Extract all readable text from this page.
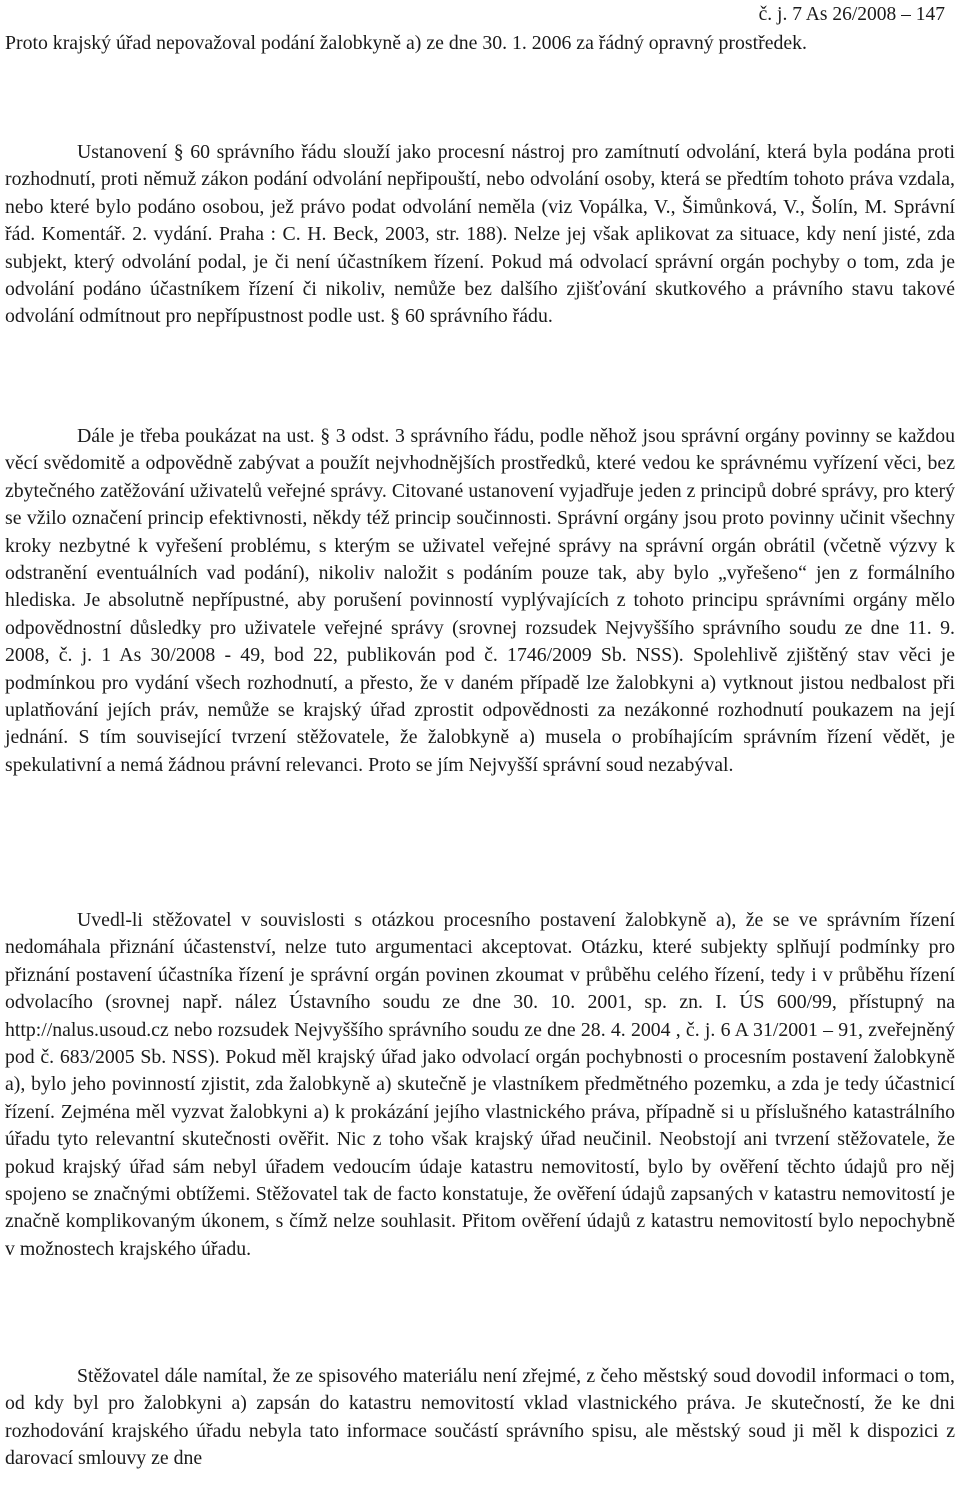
č. j. 7 As 26/2008 – 147

Proto krajský úřad nepovažoval podání žalobkyně a) ze dne 30. 1. 2006 za řádný opravný prostředek.

Ustanovení § 60 správního řádu slouží jako procesní nástroj pro zamítnutí odvolání, která byla podána proti rozhodnutí, proti němuž zákon podání odvolání nepřipouští, nebo odvolání osoby, která se předtím tohoto práva vzdala, nebo které bylo podáno osobou, jež právo podat odvolání neměla (viz Vopálka, V., Šimůnková, V., Šolín, M. Správní řád. Komentář. 2. vydání. Praha : C. H. Beck, 2003, str. 188). Nelze jej však aplikovat za situace, kdy není jisté, zda subjekt, který odvolání podal, je či není účastníkem řízení. Pokud má odvolací správní orgán pochyby o tom, zda je odvolání podáno účastníkem řízení či nikoliv, nemůže bez dalšího zjišťování skutkového a právního stavu takové odvolání odmítnout pro nepřípustnost podle ust. § 60 správního řádu.

Dále je třeba poukázat na ust. § 3 odst. 3 správního řádu, podle něhož jsou správní orgány povinny se každou věcí svědomitě a odpovědně zabývat a použít nejvhodnějších prostředků, které vedou ke správnému vyřízení věci, bez zbytečného zatěžování uživatelů veřejné správy. Citované ustanovení vyjadřuje jeden z principů dobré správy, pro který se vžilo označení princip efektivnosti, někdy též princip součinnosti. Správní orgány jsou proto povinny učinit všechny kroky nezbytné k vyřešení problému, s kterým se uživatel veřejné správy na správní orgán obrátil (včetně výzvy k odstranění eventuálních vad podání), nikoliv naložit s podáním pouze tak, aby bylo „vyřešeno“ jen z formálního hlediska. Je absolutně nepřípustné, aby porušení povinností vyplývajících z tohoto principu správními orgány mělo odpovědnostní důsledky pro uživatele veřejné správy (srovnej rozsudek Nejvyššího správního soudu ze dne 11. 9. 2008, č. j. 1 As 30/2008 - 49, bod 22, publikován pod č. 1746/2009 Sb. NSS). Spolehlivě zjištěný stav věci je podmínkou pro vydání všech rozhodnutí, a přesto, že v daném případě lze žalobkyni a) vytknout jistou nedbalost při uplatňování jejích práv, nemůže se krajský úřad zprostit odpovědnosti za nezákonné rozhodnutí poukazem na její jednání. S tím související tvrzení stěžovatele, že žalobkyně a) musela o probíhajícím správním řízení vědět, je spekulativní a nemá žádnou právní relevanci. Proto se jím Nejvyšší správní soud nezabýval.

Uvedl-li stěžovatel v souvislosti s otázkou procesního postavení žalobkyně a), že se ve správním řízení nedomáhala přiznání účastenství, nelze tuto argumentaci akceptovat. Otázku, které subjekty splňují podmínky pro přiznání postavení účastníka řízení je správní orgán povinen zkoumat v průběhu celého řízení, tedy i v průběhu řízení odvolacího (srovnej např. nález Ústavního soudu ze dne 30. 10. 2001, sp. zn. I. ÚS 600/99, přístupný na http://nalus.usoud.cz nebo rozsudek Nejvyššího správního soudu ze dne 28. 4. 2004 , č. j. 6 A 31/2001 – 91, zveřejněný pod č. 683/2005 Sb. NSS). Pokud měl krajský úřad jako odvolací orgán pochybnosti o procesním postavení žalobkyně a), bylo jeho povinností zjistit, zda žalobkyně a) skutečně je vlastníkem předmětného pozemku, a zda je tedy účastnicí řízení. Zejména měl vyzvat žalobkyni a) k prokázání jejího vlastnického práva, případně si u příslušného katastrálního úřadu tyto relevantní skutečnosti ověřit. Nic z toho však krajský úřad neučinil. Neobstojí ani tvrzení stěžovatele, že pokud krajský úřad sám nebyl úřadem vedoucím údaje katastru nemovitostí, bylo by ověření těchto údajů pro něj spojeno se značnými obtížemi. Stěžovatel tak de facto konstatuje, že ověření údajů zapsaných v katastru nemovitostí je značně komplikovaným úkonem, s čímž nelze souhlasit. Přitom ověření údajů z katastru nemovitostí bylo nepochybně v možnostech krajského úřadu.

Stěžovatel dále namítal, že ze spisového materiálu není zřejmé, z čeho městský soud dovodil informaci o tom, od kdy byl pro žalobkyni a) zapsán do katastru nemovitostí vklad vlastnického práva. Je skutečností, že ke dni rozhodování krajského úřadu nebyla tato informace součástí správního spisu, ale městský soud ji měl k dispozici z darovací smlouvy ze dne
